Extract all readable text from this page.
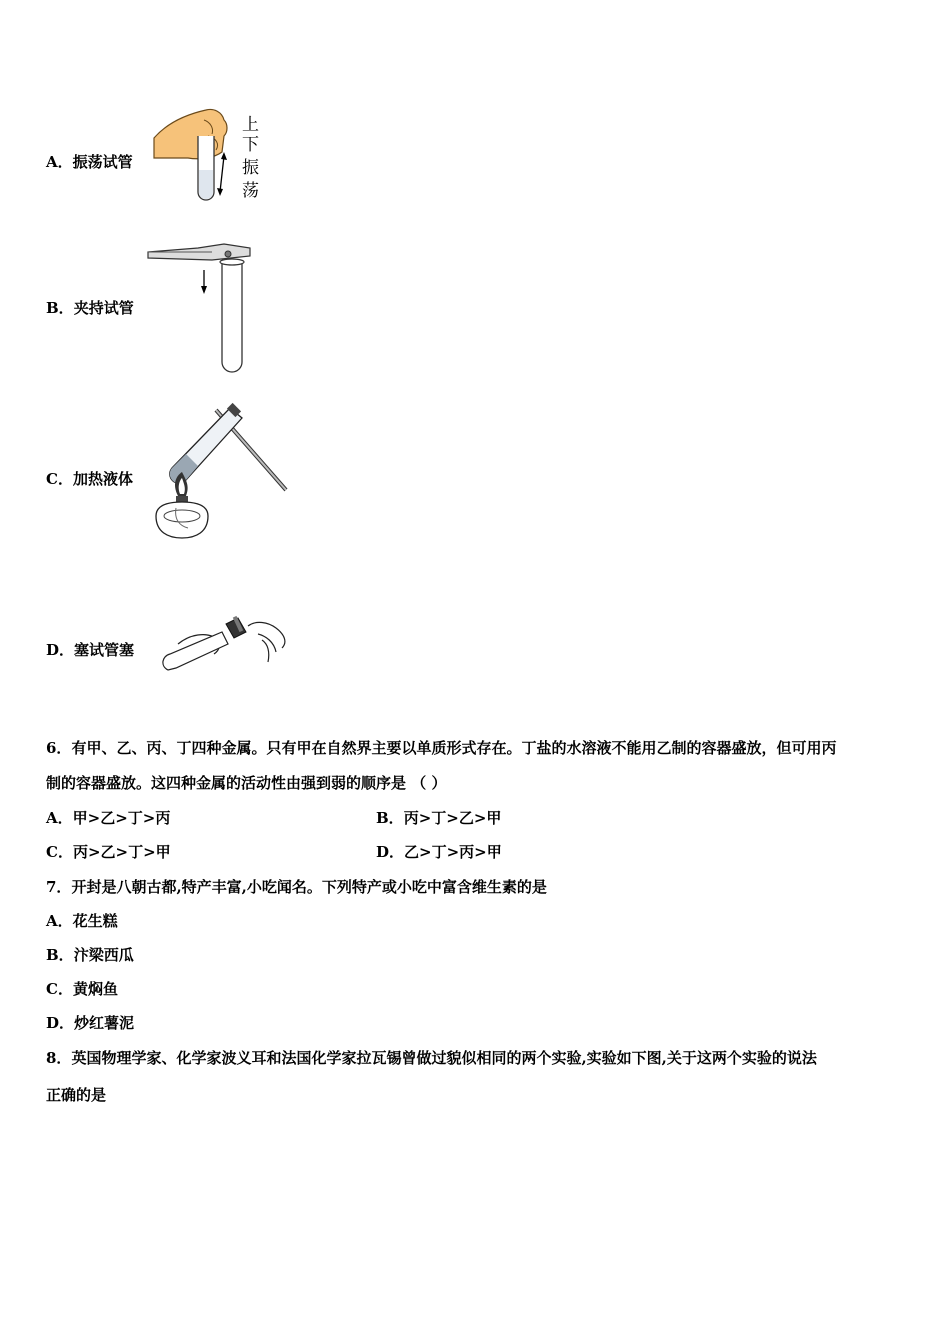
A．振荡试管
上
下
振
荡
B．夹持试管
C．加热液体
D．塞试管塞
6．有甲、乙、丙、丁四种金属。只有甲在自然界主要以单质形式存在。丁盐的水溶液不能用乙制的容器盛放，但可用丙
制的容器盛放。这四种金属的活动性由强到弱的顺序是 （ ）
A．甲>乙>丁>丙	B．丙>丁>乙>甲
C．丙>乙>丁>甲	D．乙>丁>丙>甲
7．开封是八朝古都,特产丰富,小吃闻名。下列特产或小吃中富含维生素的是
A．花生糕
B．汴梁西瓜
C．黄焖鱼
D．炒红薯泥
8．英国物理学家、化学家波义耳和法国化学家拉瓦锡曾做过貌似相同的两个实验,实验如下图,关于这两个实验的说法
正确的是
